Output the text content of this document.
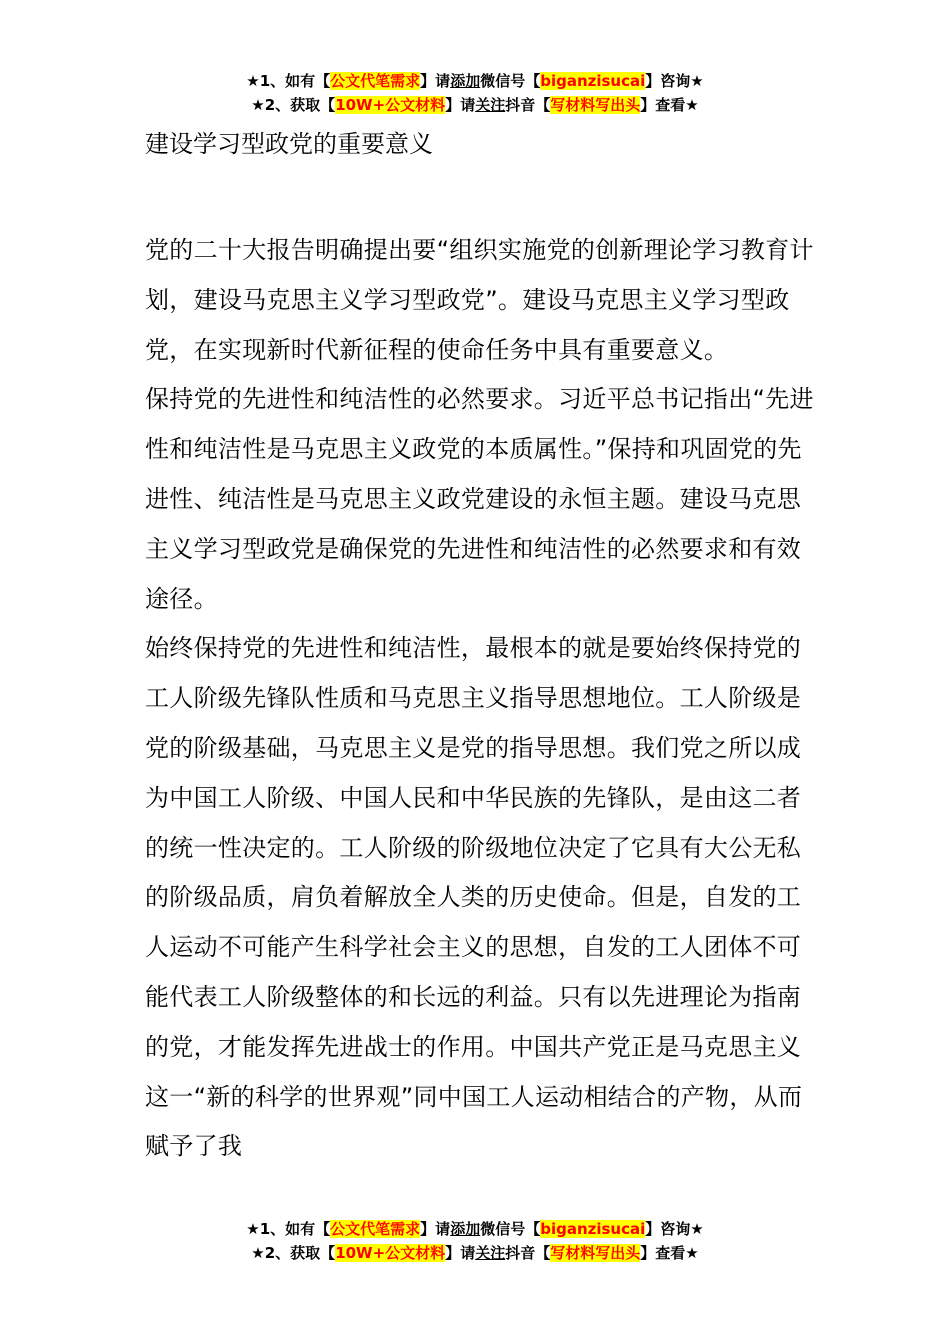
★1、如有【公文代笔需求】请添加微信号【biganzisucai】咨询★
★2、获取【10W+公文材料】请关注抖音【写材料写出头】查看★
建设学习型政党的重要意义

党的二十大报告明确提出要“组织实施党的创新理论学习教育计划，建设马克思主义学习型政党”。建设马克思主义学习型政党，在实现新时代新征程的使命任务中具有重要意义。

保持党的先进性和纯洁性的必然要求。习近平总书记指出“先进性和纯洁性是马克思主义政党的本质属性。”保持和巩固党的先进性、纯洁性是马克思主义政党建设的永恒主题。建设马克思主义学习型政党是确保党的先进性和纯洁性的必然要求和有效途径。

始终保持党的先进性和纯洁性，最根本的就是要始终保持党的工人阶级先锋队性质和马克思主义指导思想地位。工人阶级是党的阶级基础，马克思主义是党的指导思想。我们党之所以成为中国工人阶级、中国人民和中华民族的先锋队，是由这二者的统一性决定的。工人阶级的阶级地位决定了它具有大公无私的阶级品质，肩负着解放全人类的历史使命。但是，自发的工人运动不可能产生科学社会主义的思想，自发的工人团体不可能代表工人阶级整体的和长远的利益。只有以先进理论为指南的党，才能发挥先进战士的作用。中国共产党正是马克思主义这一“新的科学的世界观”同中国工人运动相结合的产物，从而赋予了我

★1、如有【公文代笔需求】请添加微信号【biganzisucai】咨询★
★2、获取【10W+公文材料】请关注抖音【写材料写出头】查看★
